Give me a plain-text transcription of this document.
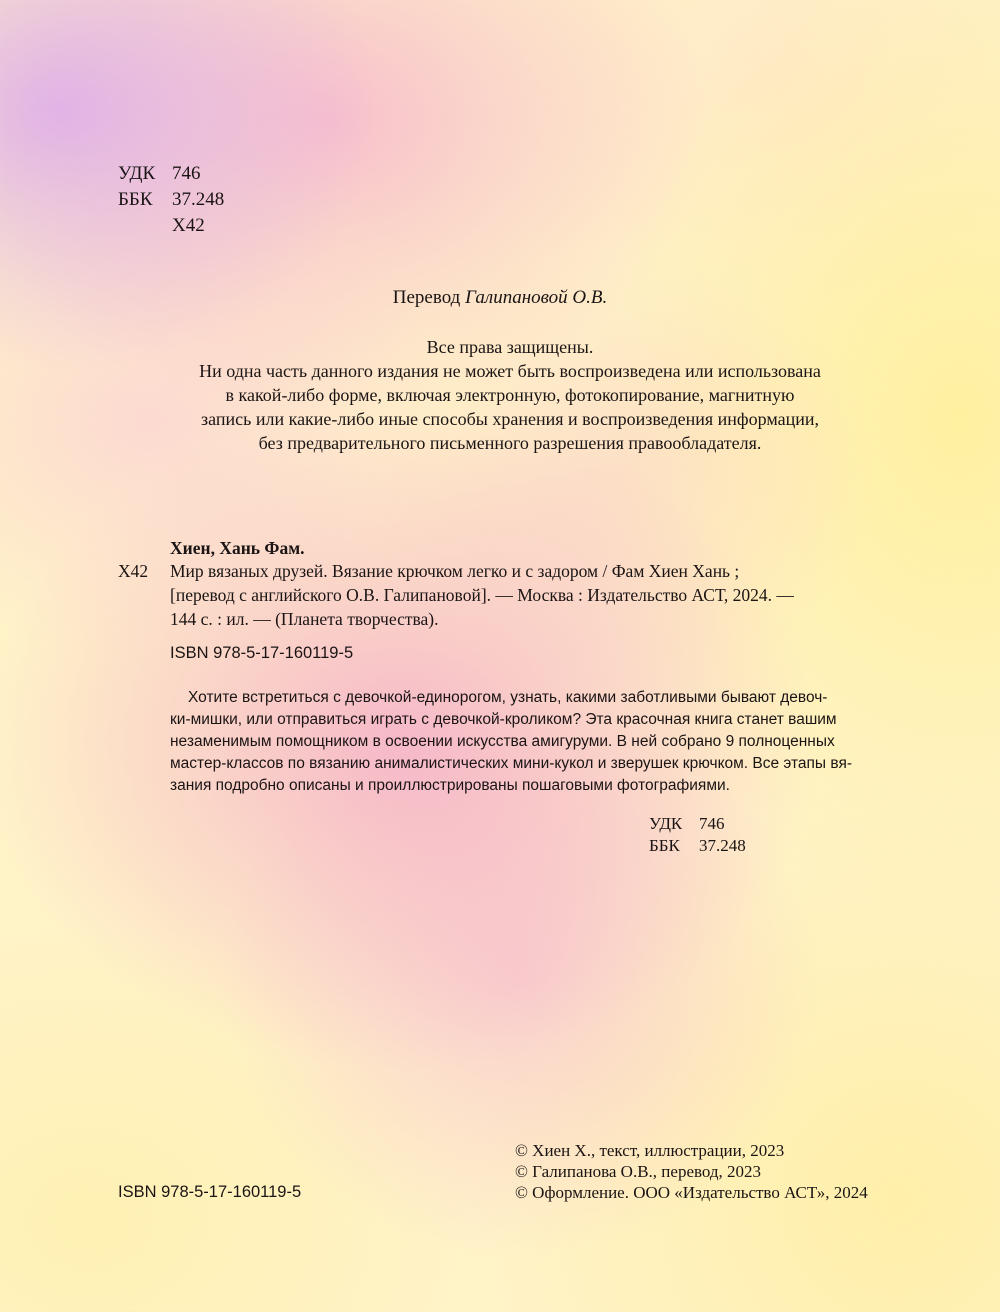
УДК 746
ББК	37.248
Х42
Перевод Галипановой О.В.
Все права защищены.
Ни одна часть данного издания не может быть воспроизведена или использована
в какой-либо форме, включая электронную, фотокопирование, магнитную
запись или какие-либо иные способы хранения и воспроизведения информации,
без предварительного письменного разрешения правообладателя.
Хиен, Хань Фам.
Х42 Мир вязаных друзей. Вязание крючком легко и с задором / Фам Хиен Хань ;
[перевод с английского О.В. Галипановой]. — Москва : Издательство АСТ, 2024. —
144 с. : ил. — (Планета творчества).
ISBN 978-5-17-160119-5
Хотите встретиться с девочкой-единорогом, узнать, какими заботливыми бывают девоч-
ки-мишки, или отправиться играть с девочкой-кроликом? Эта красочная книга станет вашим
незаменимым помощником в освоении искусства амигуруми. В ней собрано 9 полноценных
мастер-классов по вязанию анималистических мини-кукол и зверушек крючком. Все этапы вя-
зания подробно описаны и проиллюстрированы пошаговыми фотографиями.
УДК 746
ББК	37.248
ISBN 978-5-17-160119-5
© Хиен Х., текст, иллюстрации, 2023
© Галипанова О.В., перевод, 2023
© Оформление. ООО «Издательство АСТ», 2024
